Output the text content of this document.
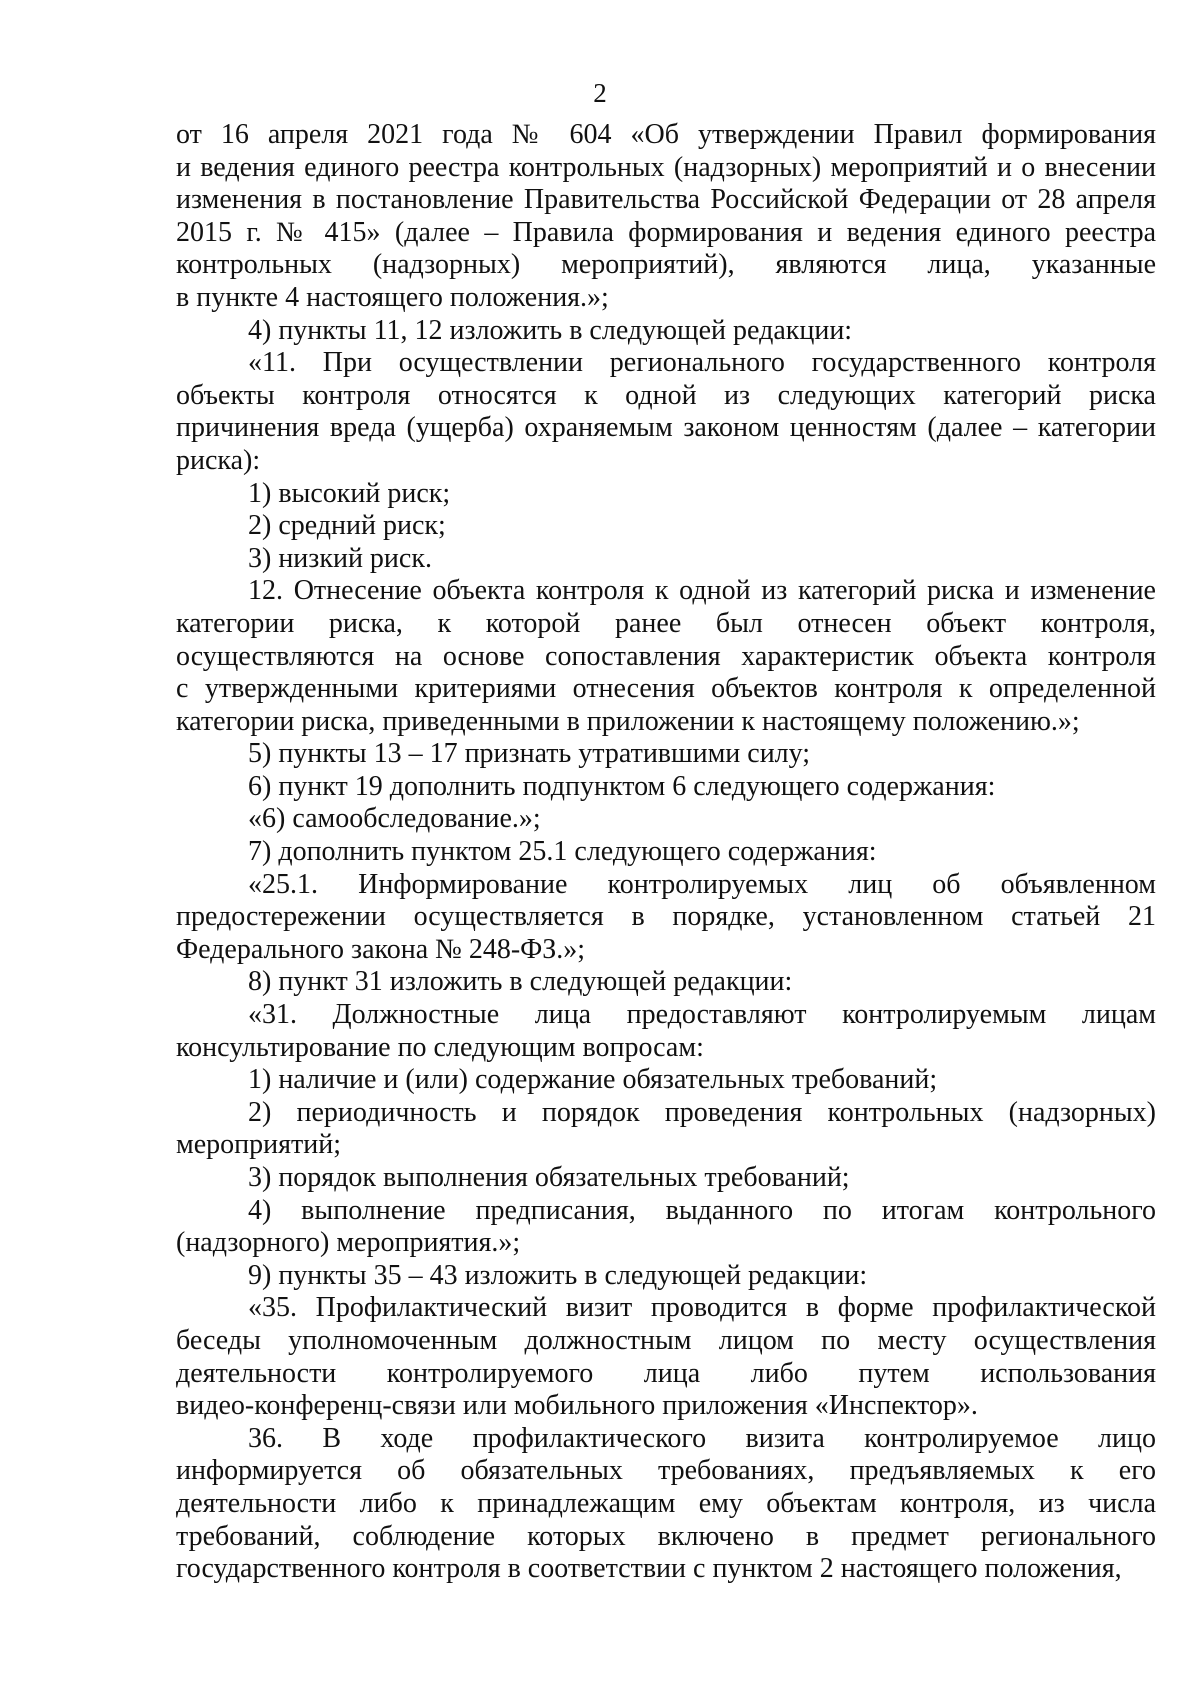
2
от 16 апреля 2021 года № 604 «Об утверждении Правил формирования
и ведения единого реестра контрольных (надзорных) мероприятий и о внесении
изменения в постановление Правительства Российской Федерации от 28 апреля
2015 г. № 415» (далее – Правила формирования и ведения единого реестра
контрольных (надзорных) мероприятий), являются лица, указанные
в пункте 4 настоящего положения.»;
4) пункты 11, 12 изложить в следующей редакции:
«11. При осуществлении регионального государственного контроля
объекты контроля относятся к одной из следующих категорий риска
причинения вреда (ущерба) охраняемым законом ценностям (далее – категории
риска):
1) высокий риск;
2) средний риск;
3) низкий риск.
12. Отнесение объекта контроля к одной из категорий риска и изменение
категории риска, к которой ранее был отнесен объект контроля,
осуществляются на основе сопоставления характеристик объекта контроля
с утвержденными критериями отнесения объектов контроля к определенной
категории риска, приведенными в приложении к настоящему положению.»;
5) пункты 13 – 17 признать утратившими силу;
6) пункт 19 дополнить подпунктом 6 следующего содержания:
«6) самообследование.»;
7) дополнить пунктом 25.1 следующего содержания:
«25.1. Информирование контролируемых лиц об объявленном
предостережении осуществляется в порядке, установленном статьей 21
Федерального закона № 248-ФЗ.»;
8) пункт 31 изложить в следующей редакции:
«31. Должностные лица предоставляют контролируемым лицам
консультирование по следующим вопросам:
1) наличие и (или) содержание обязательных требований;
2) периодичность и порядок проведения контрольных (надзорных)
мероприятий;
3) порядок выполнения обязательных требований;
4) выполнение предписания, выданного по итогам контрольного
(надзорного) мероприятия.»;
9) пункты 35 – 43 изложить в следующей редакции:
«35. Профилактический визит проводится в форме профилактической
беседы уполномоченным должностным лицом по месту осуществления
деятельности контролируемого лица либо путем использования
видео-конференц-связи или мобильного приложения «Инспектор».
36. В ходе профилактического визита контролируемое лицо
информируется об обязательных требованиях, предъявляемых к его
деятельности либо к принадлежащим ему объектам контроля, из числа
требований, соблюдение которых включено в предмет регионального
государственного контроля в соответствии с пунктом 2 настоящего положения,
